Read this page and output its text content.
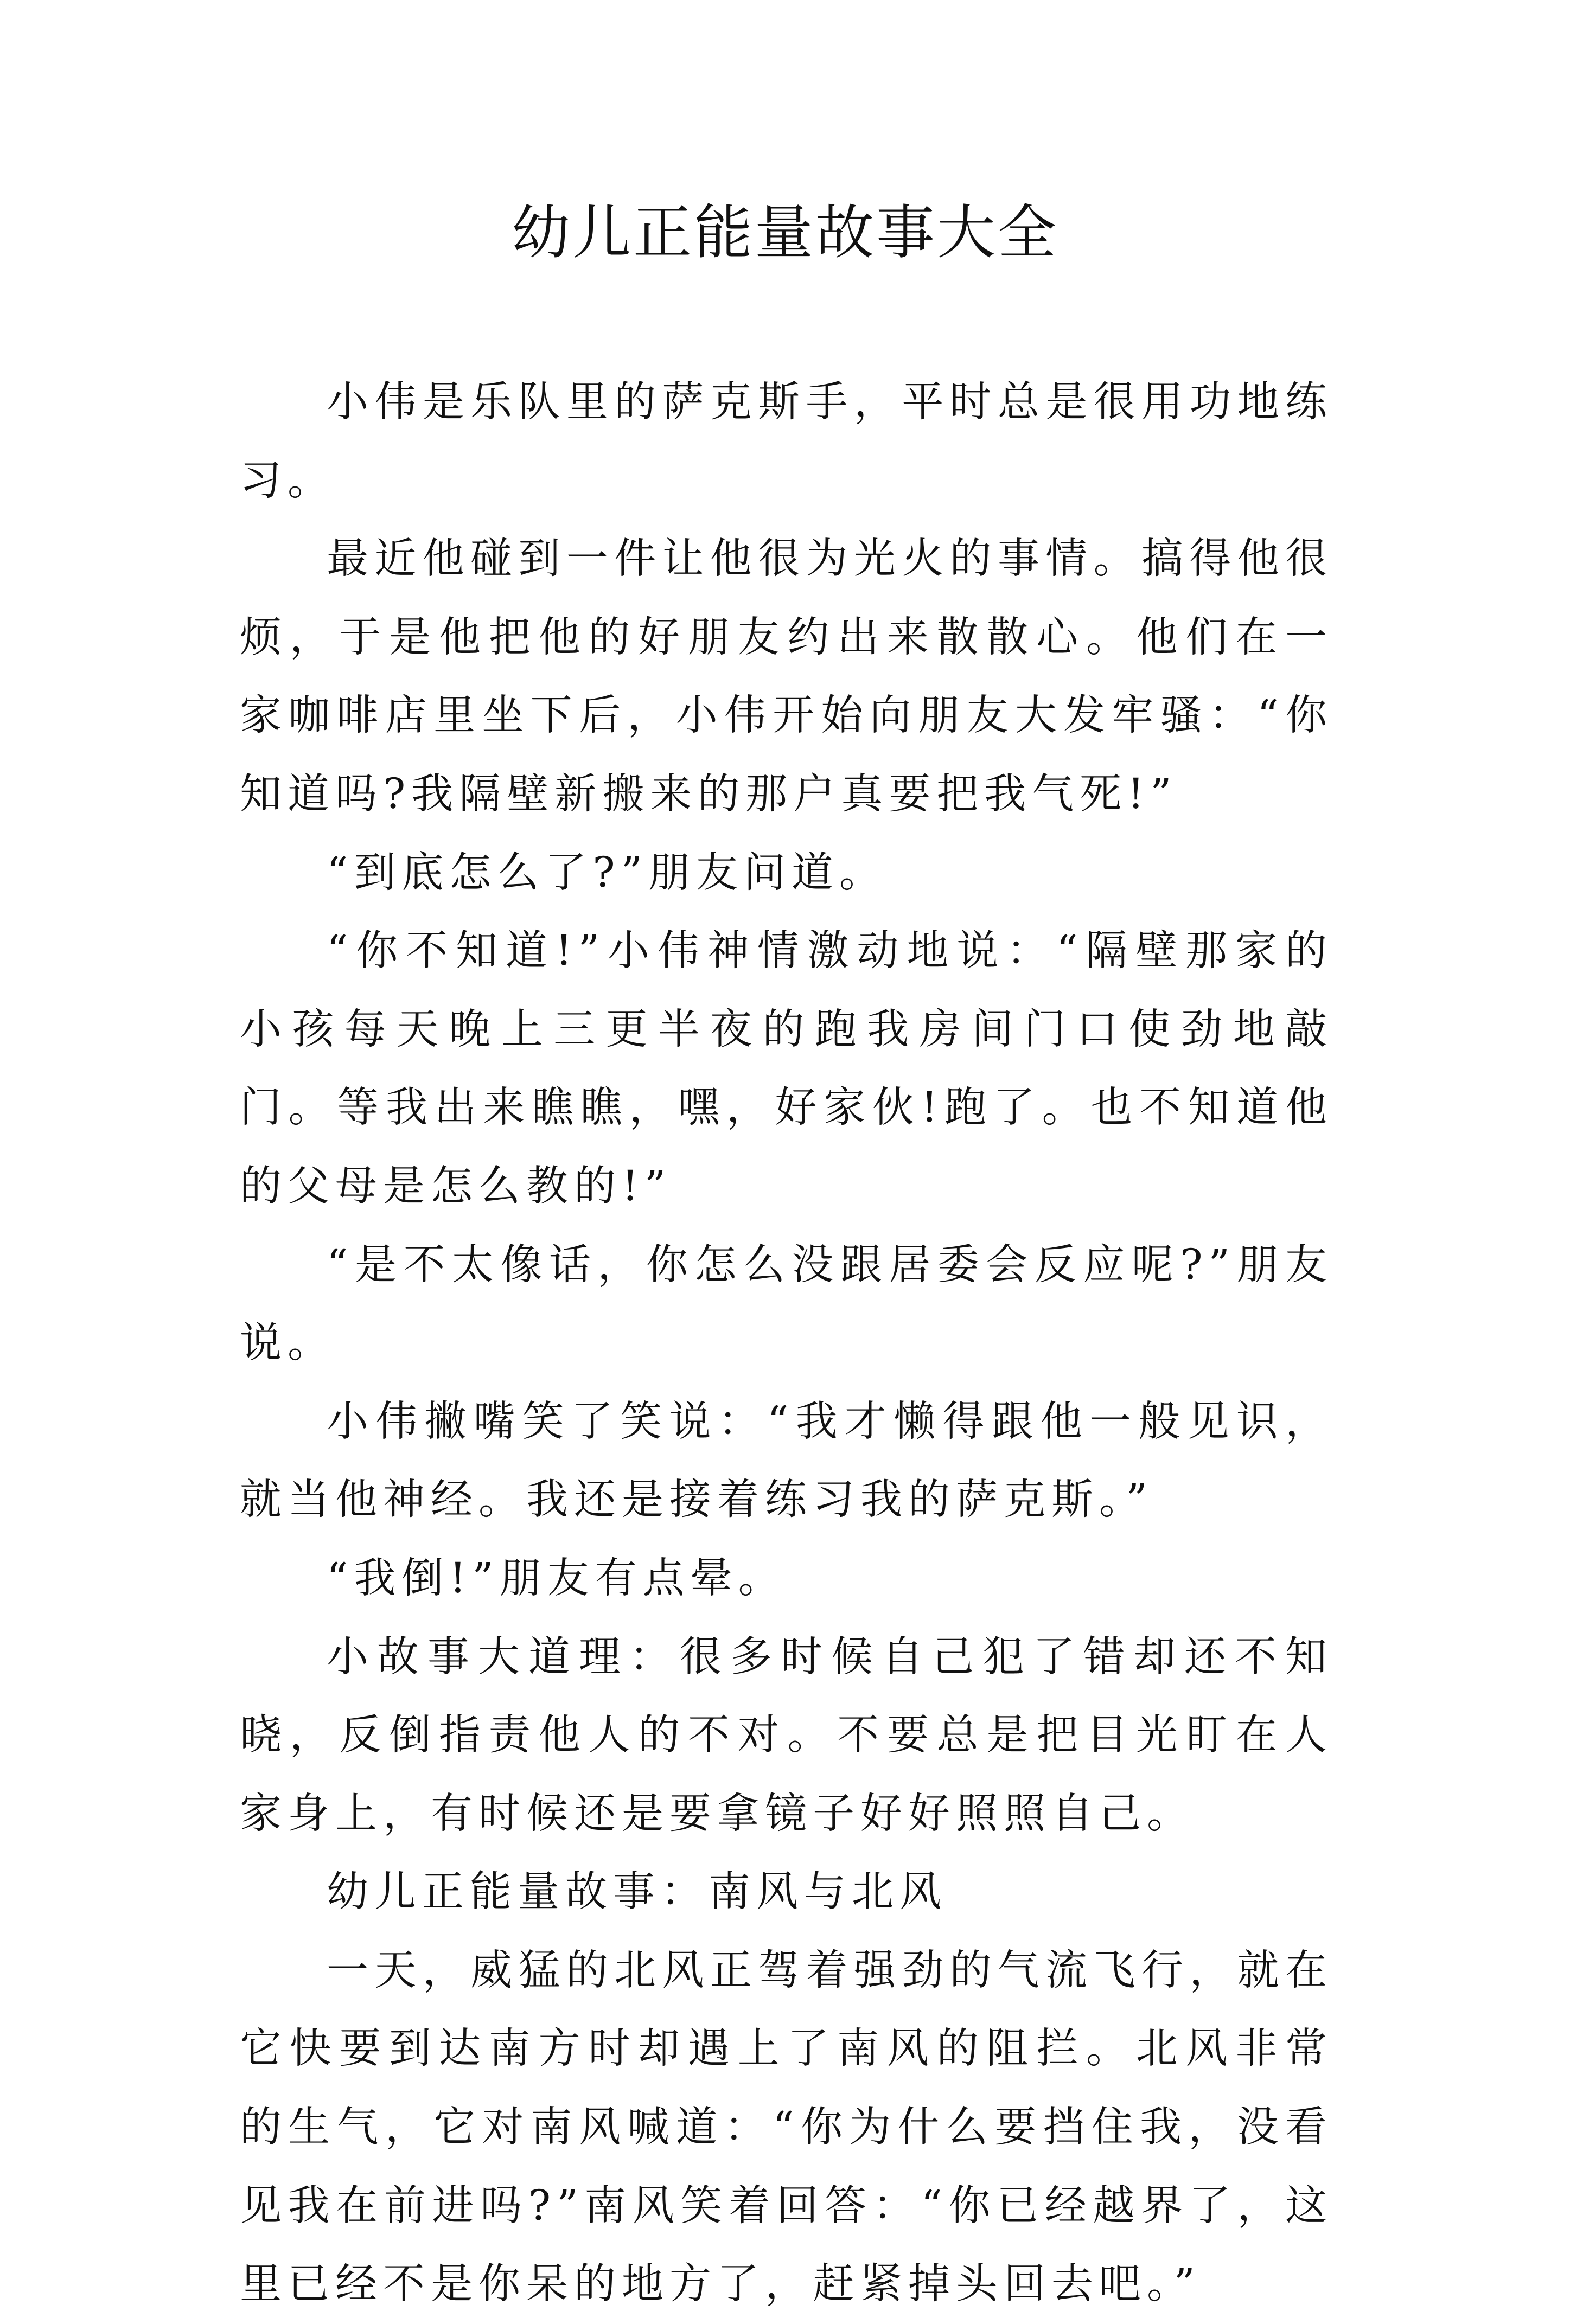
幼儿正能量故事大全

小伟是乐队里的萨克斯手，平时总是很用功地练习。

最近他碰到一件让他很为光火的事情。搞得他很烦，于是他把他的好朋友约出来散散心。他们在一家咖啡店里坐下后，小伟开始向朋友大发牢骚：“你知道吗?我隔壁新搬来的那户真要把我气死!”

“到底怎么了?”朋友问道。

“你不知道!”小伟神情激动地说：“隔壁那家的小孩每天晚上三更半夜的跑我房间门口使劲地敲门。等我出来瞧瞧，嘿，好家伙!跑了。也不知道他的父母是怎么教的!”

“是不太像话，你怎么没跟居委会反应呢?”朋友说。

小伟撇嘴笑了笑说：“我才懒得跟他一般见识，就当他神经。我还是接着练习我的萨克斯。”

“我倒!”朋友有点晕。

小故事大道理：很多时候自己犯了错却还不知晓，反倒指责他人的不对。不要总是把目光盯在人家身上，有时候还是要拿镜子好好照照自己。

幼儿正能量故事：南风与北风

一天，威猛的北风正驾着强劲的气流飞行，就在它快要到达南方时却遇上了南风的阻拦。北风非常的生气，它对南风喊道：“你为什么要挡住我，没看见我在前进吗?”南风笑着回答：“你已经越界了，这里已经不是你呆的地方了，赶紧掉头回去吧。”
